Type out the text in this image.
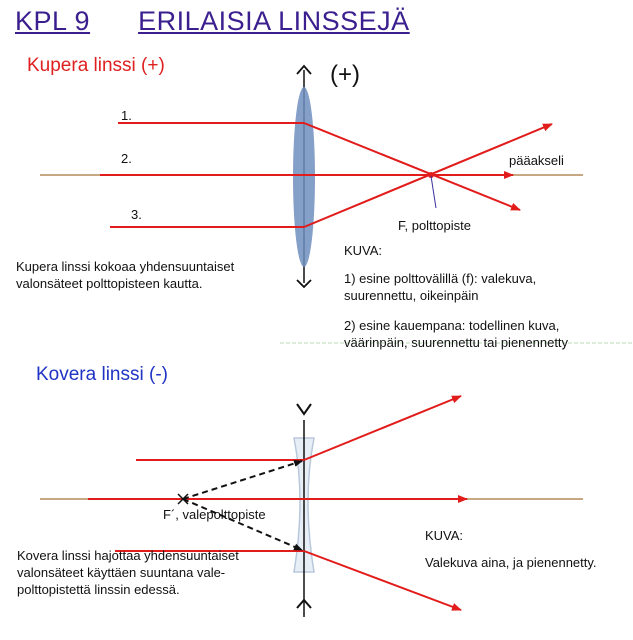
KPL 9 ERILAISIA LINSSEJÄ
Kupera linssi (+)	(+)
1.
2.
3.
pääakseli
F, polttopiste
Kupera linssi kokoaa yhdensuuntaiset valonsäteet polttopisteen kautta.
KUVA:
1) esine polttovälillä (f): valekuva, suurennettu, oikeinpäin
2) esine kauempana: todellinen kuva, väärinpäin, suurennettu tai pienennetty
Kovera linssi (-)
F´, valepolttopiste
Kovera linssi hajottaa yhdensuuntaiset valonsäteet käyttäen suuntana vale-polttopistettä linssin edessä.
KUVA:
Valekuva aina, ja pienennetty.
